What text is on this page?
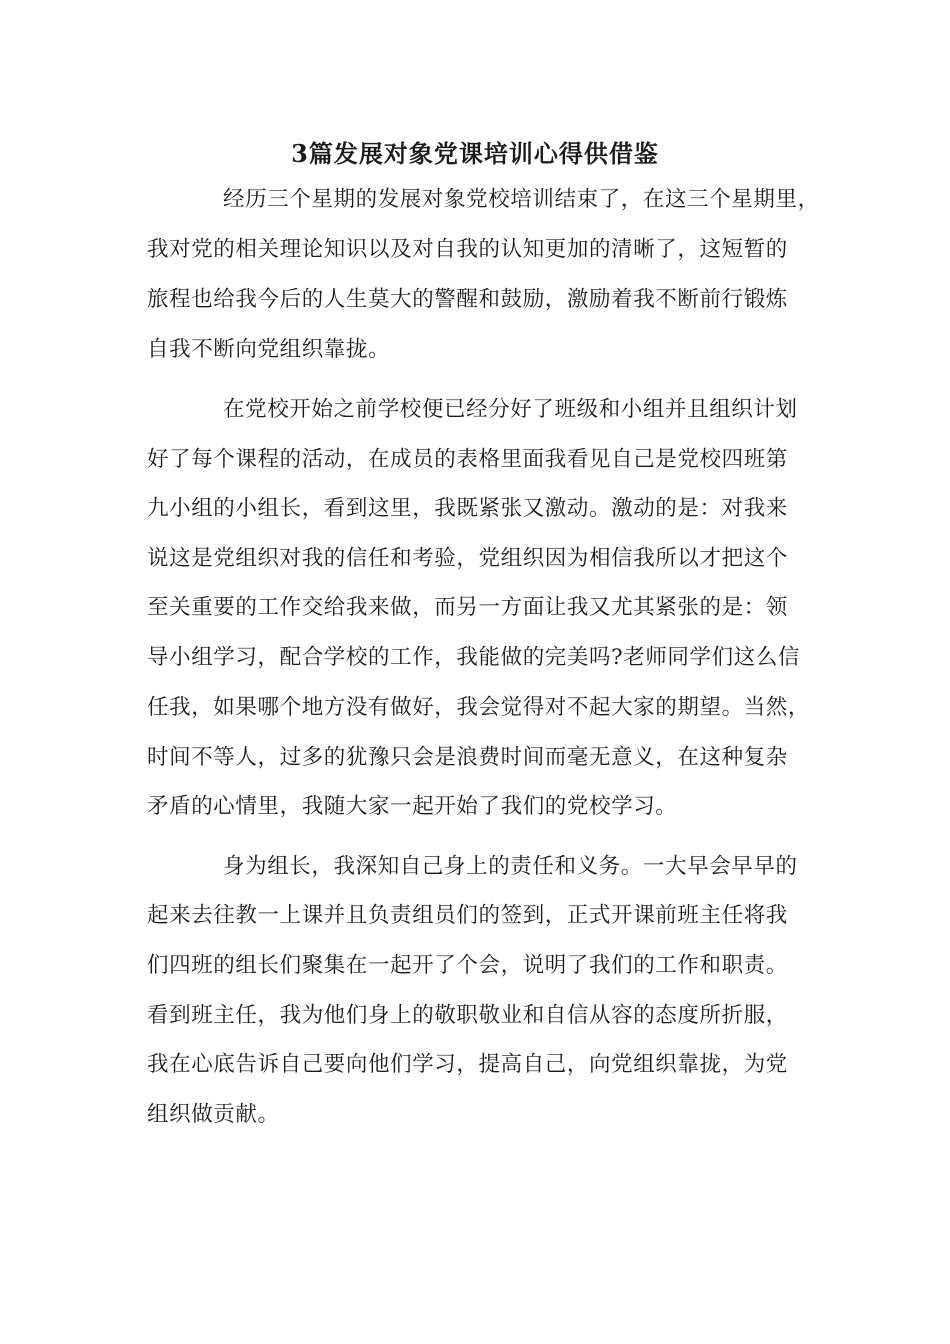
3篇发展对象党课培训心得供借鉴
经历三个星期的发展对象党校培训结束了，在这三个星期里，
我对党的相关理论知识以及对自我的认知更加的清晰了，这短暂的
旅程也给我今后的人生莫大的警醒和鼓励，激励着我不断前行锻炼
自我不断向党组织靠拢。
在党校开始之前学校便已经分好了班级和小组并且组织计划
好了每个课程的活动，在成员的表格里面我看见自己是党校四班第
九小组的小组长，看到这里，我既紧张又激动。激动的是：对我来
说这是党组织对我的信任和考验，党组织因为相信我所以才把这个
至关重要的工作交给我来做，而另一方面让我又尤其紧张的是：领
导小组学习，配合学校的工作，我能做的完美吗?老师同学们这么信
任我，如果哪个地方没有做好，我会觉得对不起大家的期望。当然，
时间不等人，过多的犹豫只会是浪费时间而毫无意义，在这种复杂
矛盾的心情里，我随大家一起开始了我们的党校学习。
身为组长，我深知自己身上的责任和义务。一大早会早早的
起来去往教一上课并且负责组员们的签到，正式开课前班主任将我
们四班的组长们聚集在一起开了个会，说明了我们的工作和职责。
看到班主任，我为他们身上的敬职敬业和自信从容的态度所折服，
我在心底告诉自己要向他们学习，提高自己，向党组织靠拢，为党
组织做贡献。
